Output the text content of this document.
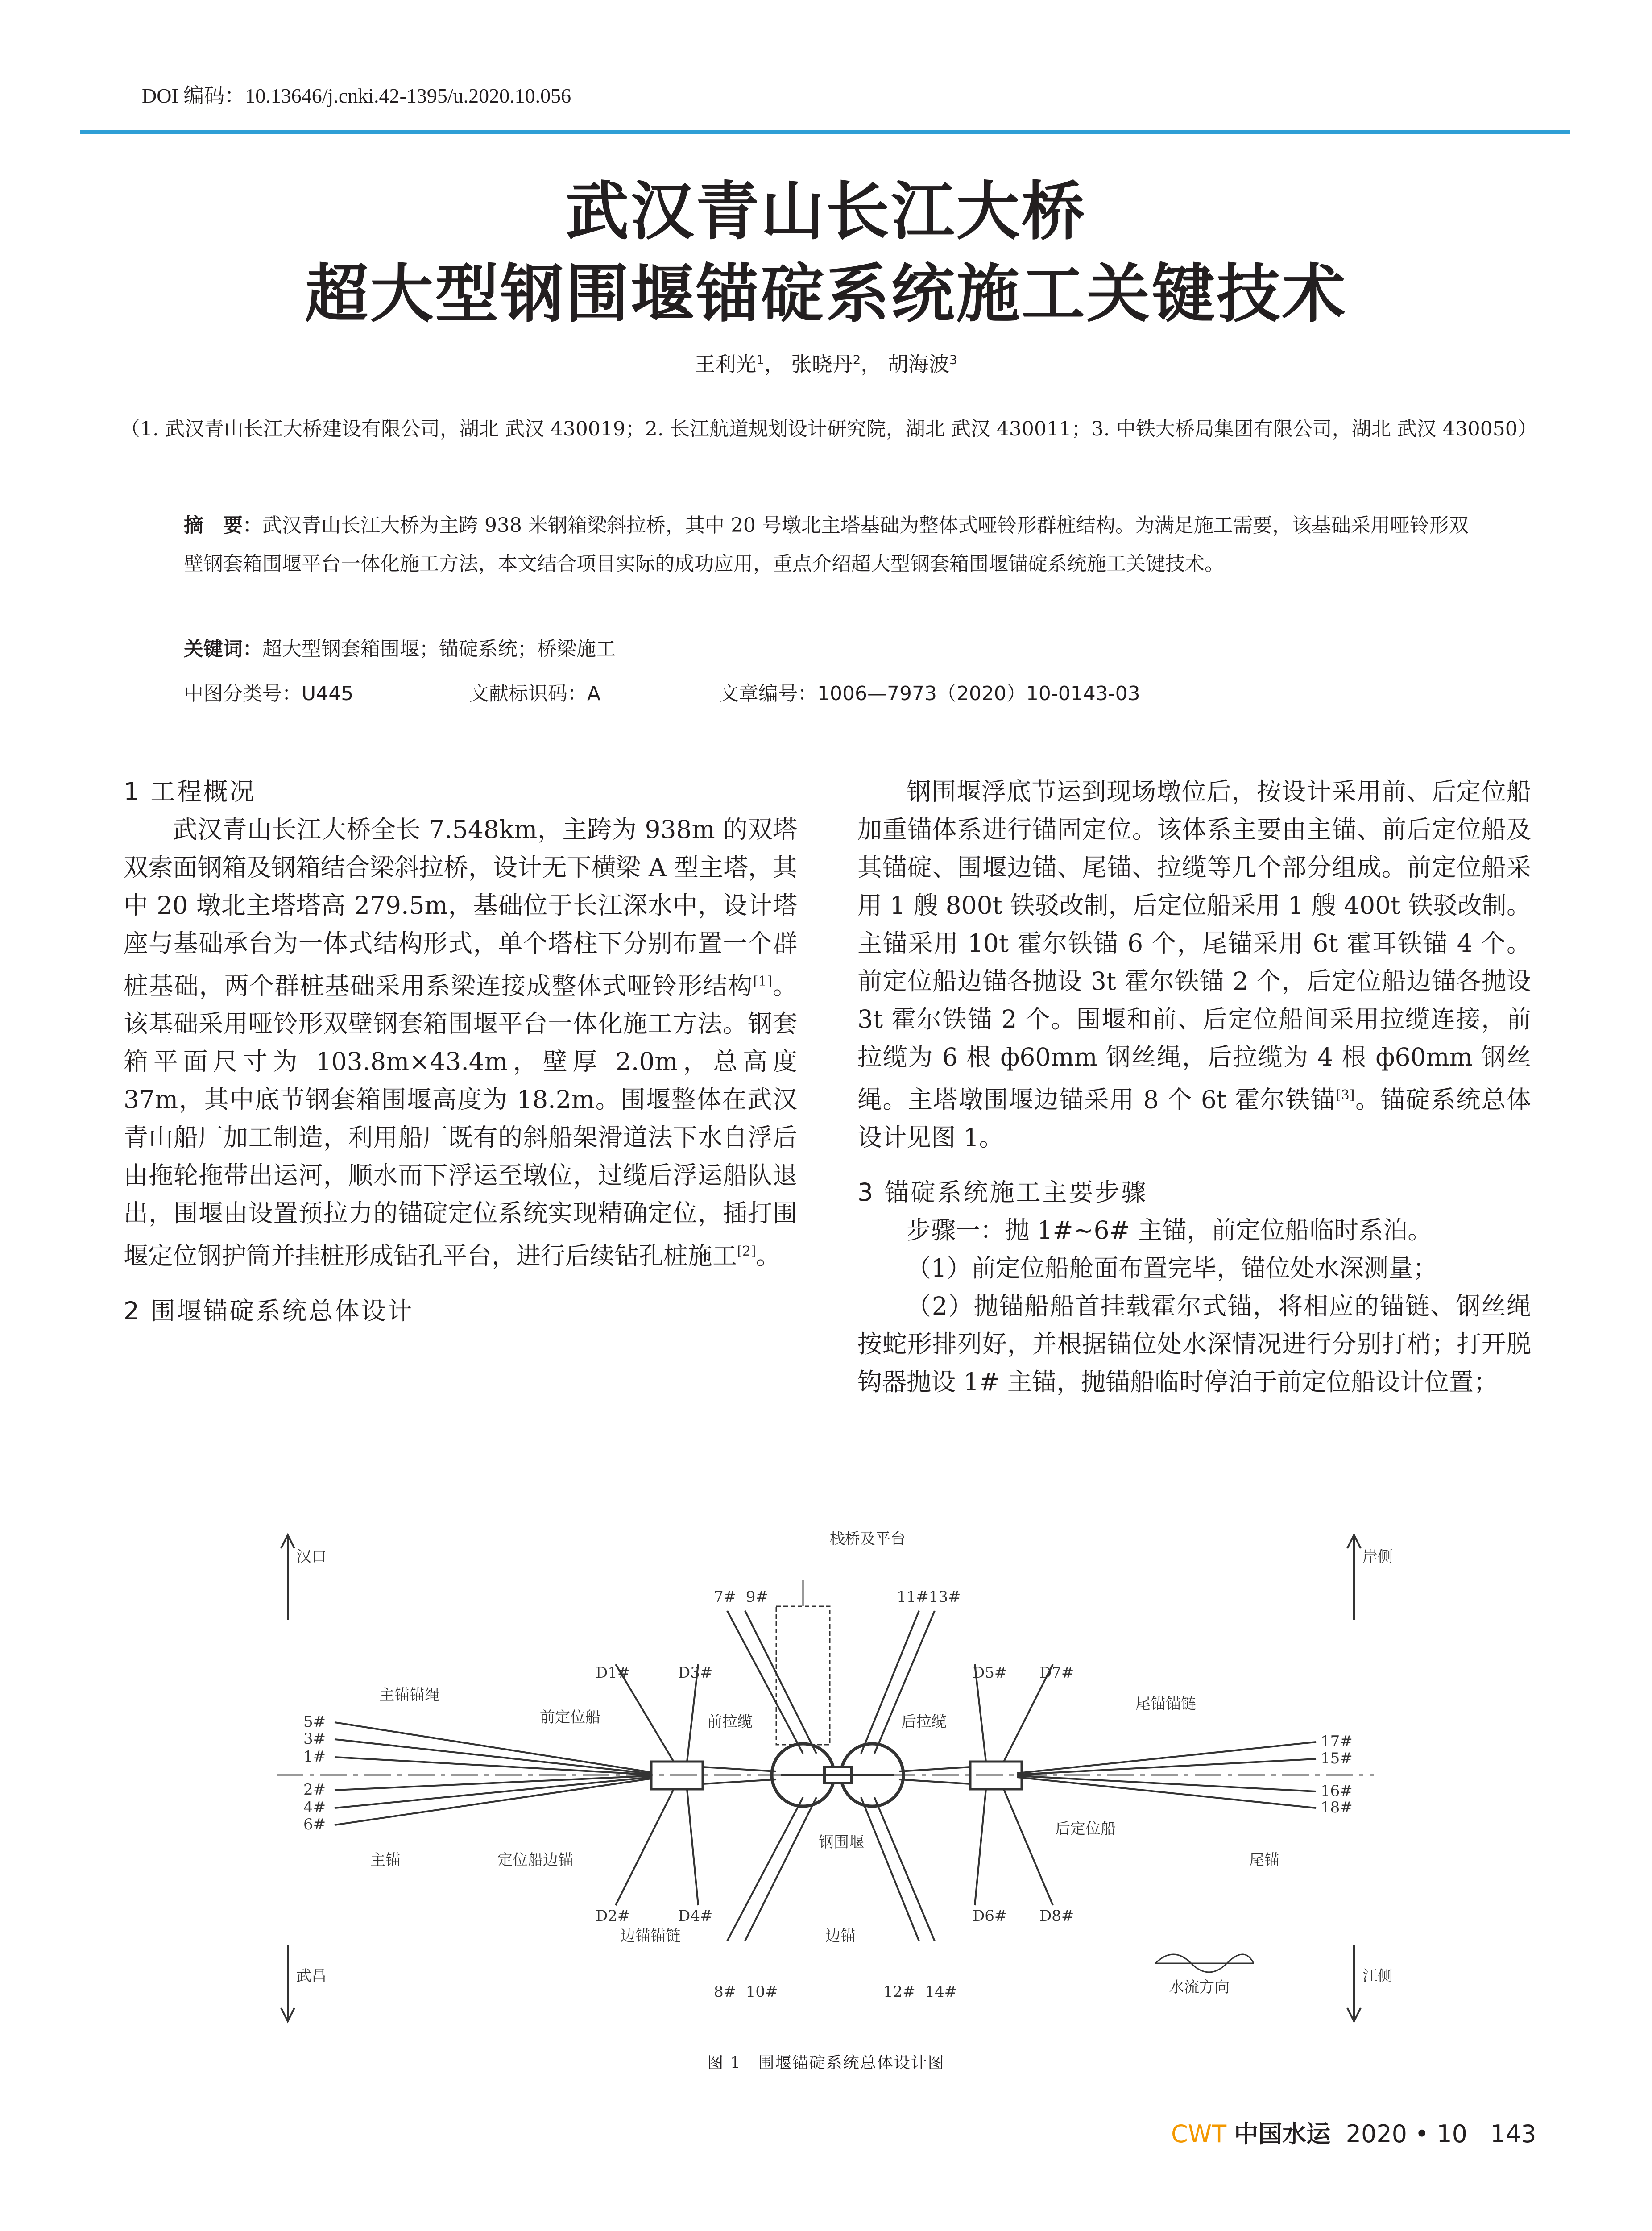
DOI 编码：10.13646/j.cnki.42-1395/u.2020.10.056
武汉青山长江大桥
超大型钢围堰锚碇系统施工关键技术
王利光$^1$， 张晓丹$^2$， 胡海波$^3$
（1. 武汉青山长江大桥建设有限公司，湖北 武汉 430019；2. 长江航道规划设计研究院，湖北 武汉 430011；3. 中铁大桥局集团有限公司，湖北 武汉 430050）
摘　要：武汉青山长江大桥为主跨 938 米钢箱梁斜拉桥，其中 20 号墩北主塔基础为整体式哑铃形群桩结构。为满足施工需要，该基础采用哑铃形双壁钢套箱围堰平台一体化施工方法，本文结合项目实际的成功应用，重点介绍超大型钢套箱围堰锚碇系统施工关键技术。
关键词：超大型钢套箱围堰；锚碇系统；桥梁施工
中图分类号：U445	文献标识码：A	文章编号：1006—7973（2020）10-0143-03

1 工程概况

武汉青山长江大桥全长 7.548km，主跨为 938m 的双塔双索面钢箱及钢箱结合梁斜拉桥，设计无下横梁 A 型主塔，其中 20 墩北主塔塔高 279.5m，基础位于长江深水中，设计塔座与基础承台为一体式结构形式，单个塔柱下分别布置一个群桩基础，两个群桩基础采用系梁连接成整体式哑铃形结构[1]。该基础采用哑铃形双壁钢套箱围堰平台一体化施工方法。钢套箱平面尺寸为 103.8m×43.4m，壁厚 2.0m，总高度 37m，其中底节钢套箱围堰高度为 18.2m。围堰整体在武汉青山船厂加工制造，利用船厂既有的斜船架滑道法下水自浮后由拖轮拖带出运河，顺水而下浮运至墩位，过缆后浮运船队退出，围堰由设置预拉力的锚碇定位系统实现精确定位，插打围堰定位钢护筒并挂桩形成钻孔平台，进行后续钻孔桩施工[2]。

2 围堰锚碇系统总体设计

钢围堰浮底节运到现场墩位后，按设计采用前、后定位船加重锚体系进行锚固定位。该体系主要由主锚、前后定位船及其锚碇、围堰边锚、尾锚、拉缆等几个部分组成。前定位船采用 1 艘 800t 铁驳改制，后定位船采用 1 艘 400t 铁驳改制。主锚采用 10t 霍尔铁锚 6 个，尾锚采用 6t 霍耳铁锚 4 个。前定位船边锚各抛设 3t 霍尔铁锚 2 个，后定位船边锚各抛设 3t 霍尔铁锚 2 个。围堰和前、后定位船间采用拉缆连接，前拉缆为 6 根 ф60mm 钢丝绳，后拉缆为 4 根 ф60mm 钢丝绳。主塔墩围堰边锚采用 8 个 6t 霍尔铁锚[3]。锚碇系统总体设计见图 1。

3 锚碇系统施工主要步骤

步骤一：抛 1#~6# 主锚，前定位船临时系泊。

（1）前定位船舱面布置完毕，锚位处水深测量；

（2）抛锚船船首挂载霍尔式锚，将相应的锚链、钢丝绳按蛇形排列好，并根据锚位处水深情况进行分别打梢；打开脱钩器抛设 1# 主锚，抛锚船临时停泊于前定位船设计位置；

汉口	岸侧
武昌	江侧
栈桥及平台
主锚锚绳
前定位船	前拉缆	后拉缆
尾锚锚链
主锚	定位船边锚
钢围堰
后定位船
尾锚
边锚锚链	边锚
水流方向
5#
3#
1#
2#
4#
6#
17#
15#
16#
18#
7#  9#	11#13#
8#  10#	12#  14#
D1#	D3#	D5# D7#
D2#	D4#	D6# D8#
图 1　围堰锚碇系统总体设计图
CWT 中国水运 2020 • 10 143
